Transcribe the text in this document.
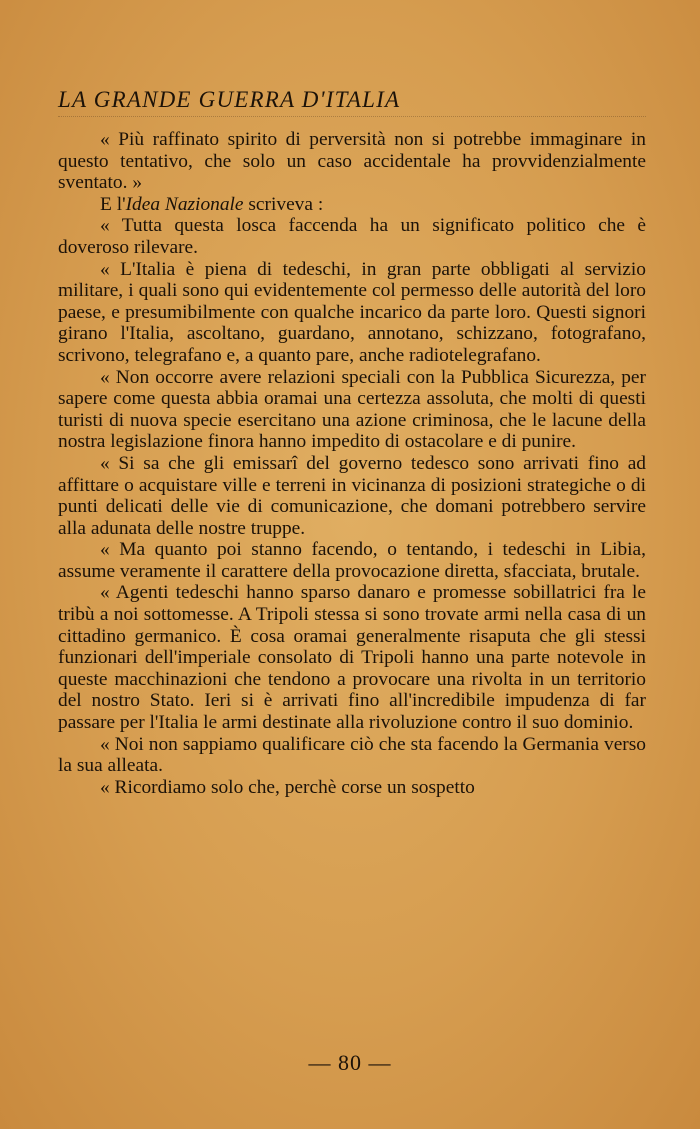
LA GRANDE GUERRA D'ITALIA

« Più raffinato spirito di perversità non si potrebbe immaginare in questo tentativo, che solo un caso accidentale ha provvidenzialmente sventato. »

E l'Idea Nazionale scriveva :

« Tutta questa losca faccenda ha un significato politico che è doveroso rilevare.

« L'Italia è piena di tedeschi, in gran parte obbligati al servizio militare, i quali sono qui evidentemente col permesso delle autorità del loro paese, e presumibilmente con qualche incarico da parte loro. Questi signori girano l'Italia, ascoltano, guardano, annotano, schizzano, fotografano, scrivono, telegrafano e, a quanto pare, anche radiotelegrafano.

« Non occorre avere relazioni speciali con la Pubblica Sicurezza, per sapere come questa abbia oramai una certezza assoluta, che molti di questi turisti di nuova specie esercitano una azione criminosa, che le lacune della nostra legislazione finora hanno impedito di ostacolare e di punire.

« Si sa che gli emissarî del governo tedesco sono arrivati fino ad affittare o acquistare ville e terreni in vicinanza di posizioni strategiche o di punti delicati delle vie di comunicazione, che domani potrebbero servire alla adunata delle nostre truppe.

« Ma quanto poi stanno facendo, o tentando, i tedeschi in Libia, assume veramente il carattere della provocazione diretta, sfacciata, brutale.

« Agenti tedeschi hanno sparso danaro e promesse sobillatrici fra le tribù a noi sottomesse. A Tripoli stessa si sono trovate armi nella casa di un cittadino germanico. È cosa oramai generalmente risaputa che gli stessi funzionari dell'imperiale consolato di Tripoli hanno una parte notevole in queste macchinazioni che tendono a provocare una rivolta in un territorio del nostro Stato. Ieri si è arrivati fino all'incredibile impudenza di far passare per l'Italia le armi destinate alla rivoluzione contro il suo dominio.

« Noi non sappiamo qualificare ciò che sta facendo la Germania verso la sua alleata.

« Ricordiamo solo che, perchè corse un sospetto

— 80 —
